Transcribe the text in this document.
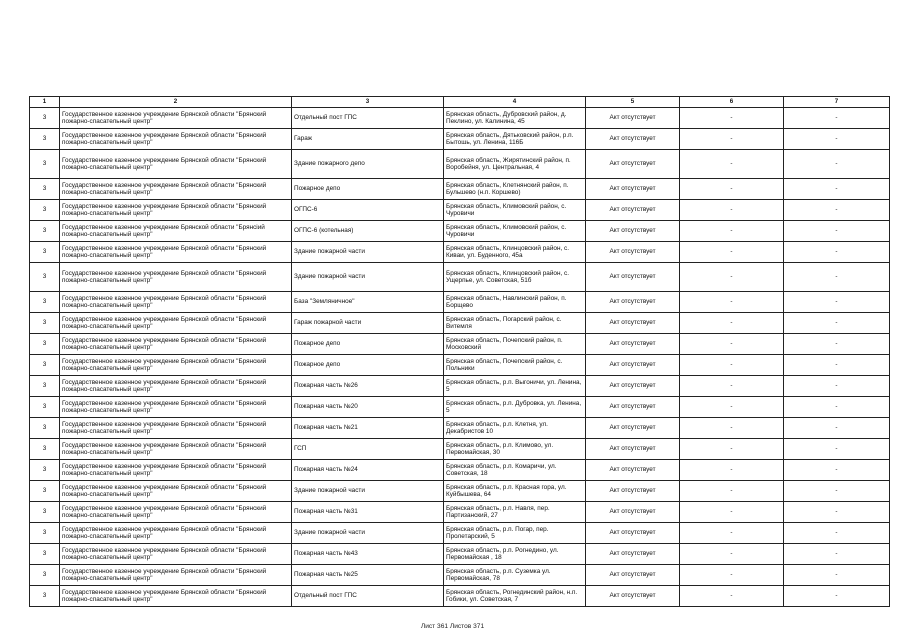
1	2	3	4	5	6	7
3	Государственное казенное учреждение Брянской области "Брянский пожарно-спасательный центр"	Отдельный пост ГПС	Брянская область, Дубровский район, д. Пеклино, ул. Калинина, 45	Акт отсутствует	-	-
3	Государственное казенное учреждение Брянской области "Брянский пожарно-спасательный центр"	Гараж	Брянская область, Дятьковский район, р.п. Бытошь, ул. Ленина, 116Б	Акт отсутствует	-	-
3	Государственное казенное учреждение Брянской области "Брянский пожарно-спасательный центр"	Здание пожарного депо	Брянская область, Жирятинский район, п. Воробейня, ул. Центральная, 4	Акт отсутствует	-	-
3	Государственное казенное учреждение Брянской области "Брянский пожарно-спасательный центр"	Пожарное депо	Брянская область, Клетнянский район, п. Бульшево (н.п. Коршево)	Акт отсутствует	-	-
3	Государственное казенное учреждение Брянской области "Брянский пожарно-спасательный центр"	ОГПС-6	Брянская область, Климовский район, с. Чуровичи	Акт отсутствует	-	-
3	Государственное казенное учреждение Брянской области "Брянсiий пожарно-спасательный центр"	ОГПС-6 (котельная)	Брянская область, Климовский район, с. Чуровичи	Акт отсутствует	-	-
3	Государственное казенное учреждение Брянской области "Брянский пожарно-спасательный центр"	Здание пожарной части	Брянская область, Клинцовский район, с. Киваи, ул. Буденного, 45а	Акт отсутствует	-	-
3	Государственное казенное учреждение Брянской области "Брянский пожарно-спасательный центр"	Здание пожарной части	Брянская область, Клинцовский район, с. Ущерпье, ул. Советская, 51б	Акт отсутствует	-	-
3	Государственное казенное учреждение Брянской области "Брянский пожарно-спасательный центр"	База "Земляничное"	Брянская область, Навлинский район, п. Борщево	Акт отсутствует	-	-
3	Государственное казенное учреждение Брянской области "Брянский пожарно-спасательный центр"	Гараж пожарной части	Брянская область, Погарский район, с. Витемля	Акт отсутствует	-	-
3	Государственное казенное учреждение Брянской области "Брянский пожарно-спасательный центр"	Пожарное депо	Брянская область, Почепский район, п. Московский	Акт отсутствует	-	-
3	Государственное казенное учреждение Брянской области "Брянский пожарно-спасательный центр"	Пожарное депо	Брянская область, Почепский район, с. Польники	Акт отсутствует	-	-
3	Государственное казенное учреждение Брянской области "Брянский пожарно-спасательный центр"	Пожарная часть №26	Брянская область, р.п. Выгоничи, ул. Ленина, 5	Акт отсутствует	-	-
3	Государственное казенное учреждение Брянской области "Брянский пожарно-спасательный центр"	Пожарная часть №20	Брянская область, р.п. Дубровка, ул. Ленина, 5	Акт отсутствует	-	-
3	Государственное казенное учреждение Брянской области "Брянский пожарно-спасательный центр"	Пожарная часть №21	Брянская область, р.п. Клетня, ул. Декабристов 10	Акт отсутствует	-	-
3	Государственное казенное учреждение Брянской области "Брянский пожарно-спасательный центр"	ГСП	Брянская область, р.п. Климово, ул. Первомайская, 30	Акт отсутствует	-	-
3	Государственное казенное учреждение Брянской области "Брянский пожарно-спасательный центр"	Пожарная часть №24	Брянская область, р.п. Комаричи, ул. Советская, 18	Акт отсутствует	-	-
3	Государственное казенное учреждение Брянской области "Брянский пожарно-спасательный центр"	Здание пожарной части	Брянская область, р.п. Красная гора, ул. Куйбышева, 64	Акт отсутствует	-	-
3	Государственное казенное учреждение Брянской области "Брянский пожарно-спасательный центр"	Пожарная часть №31	Брянская область, р.п. Навля, пер. Партизанский, 27	Акт отсутствует	-	-
3	Государственное казенное учреждение Брянской области "Брянский пожарно-спасательный центр"	Здание пожарной части	Брянская область, р.п. Погар, пер. Пролетарский, 5	Акт отсутствует	-	-
3	Государственное казенное учреждение Брянской области "Брянский пожарно-спасательный центр"	Пожарная часть №43	Брянская область, р.п. Рогнедино, ул. Первомайская , 18	Акт отсутствует	-	-
3	Государственное казенное учреждение Брянской области "Брянский пожарно-спасательный центр"	Пожарная часть №25	Брянская область, р.п. Суземка ул. Первомайская, 78	Акт отсутствует	-	-
3	Государственное казенное учреждение Брянской области "Брянский пожарно-спасательный центр"	Отдельный пост ГПС	Брянская область, Рогнединский район, н.п. Гобики, ул. Советская, 7	Акт отсутствует	-	-
Лист 361 Листов 371
